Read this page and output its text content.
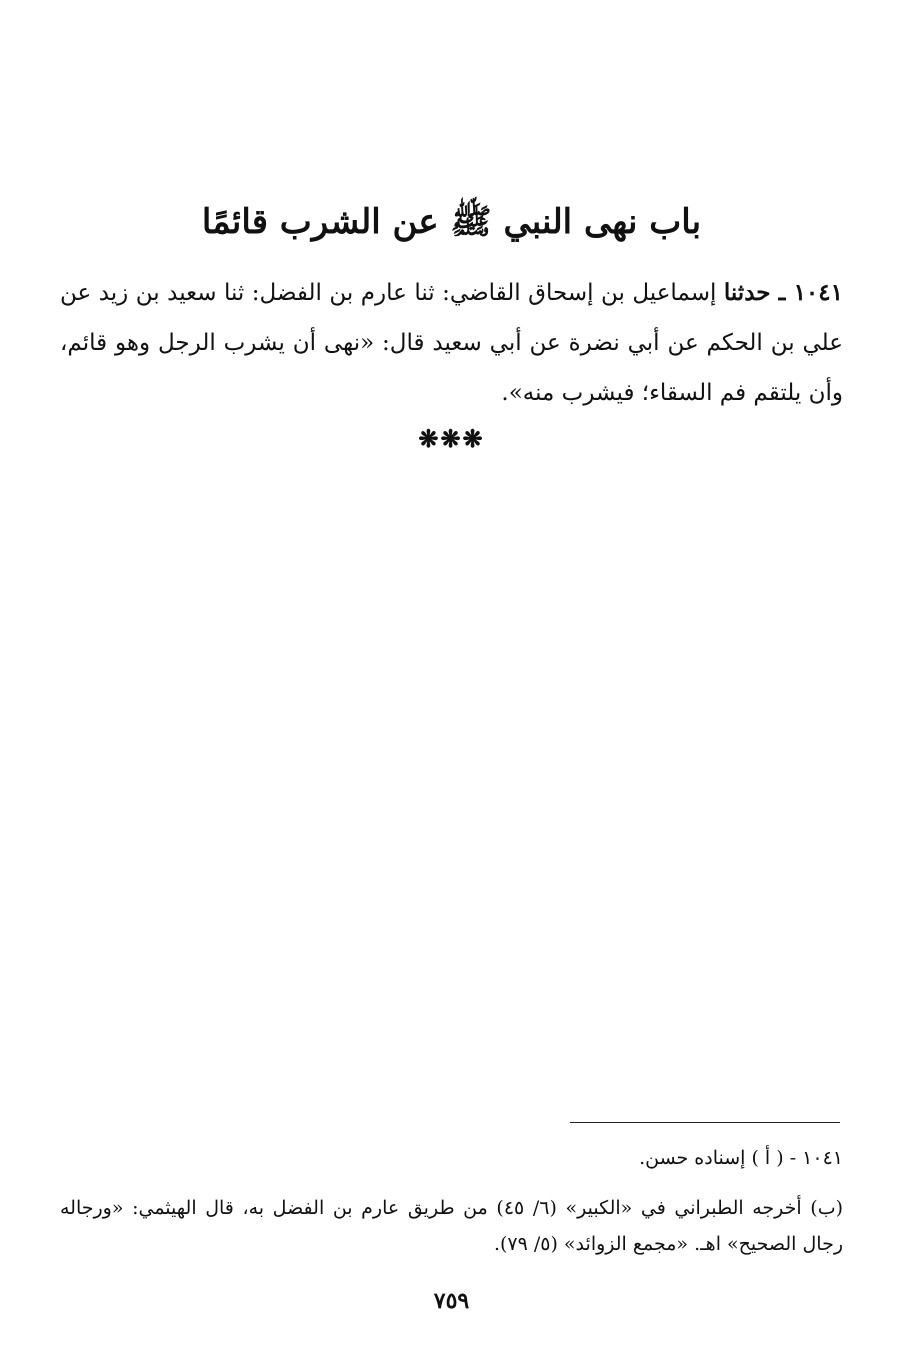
باب نهى النبي ﷺ عن الشرب قائمًا

١٠٤١ ـ حدثنا إسماعيل بن إسحاق القاضي: ثنا عارم بن الفضل: ثنا سعيد بن زيد عن علي بن الحكم عن أبي نضرة عن أبي سعيد قال: «نهى أن يشرب الرجل وهو قائم، وأن يلتقم فم السقاء؛ فيشرب منه».

❋❋❋

١٠٤١ - ( أ ) إسناده حسن.

(ب) أخرجه الطبراني في «الكبير» (٦/ ٤٥) من طريق عارم بن الفضل به، قال الهيثمي: «ورجاله رجال الصحيح» اهـ. «مجمع الزوائد» (٥/ ٧٩).

٧٥٩
